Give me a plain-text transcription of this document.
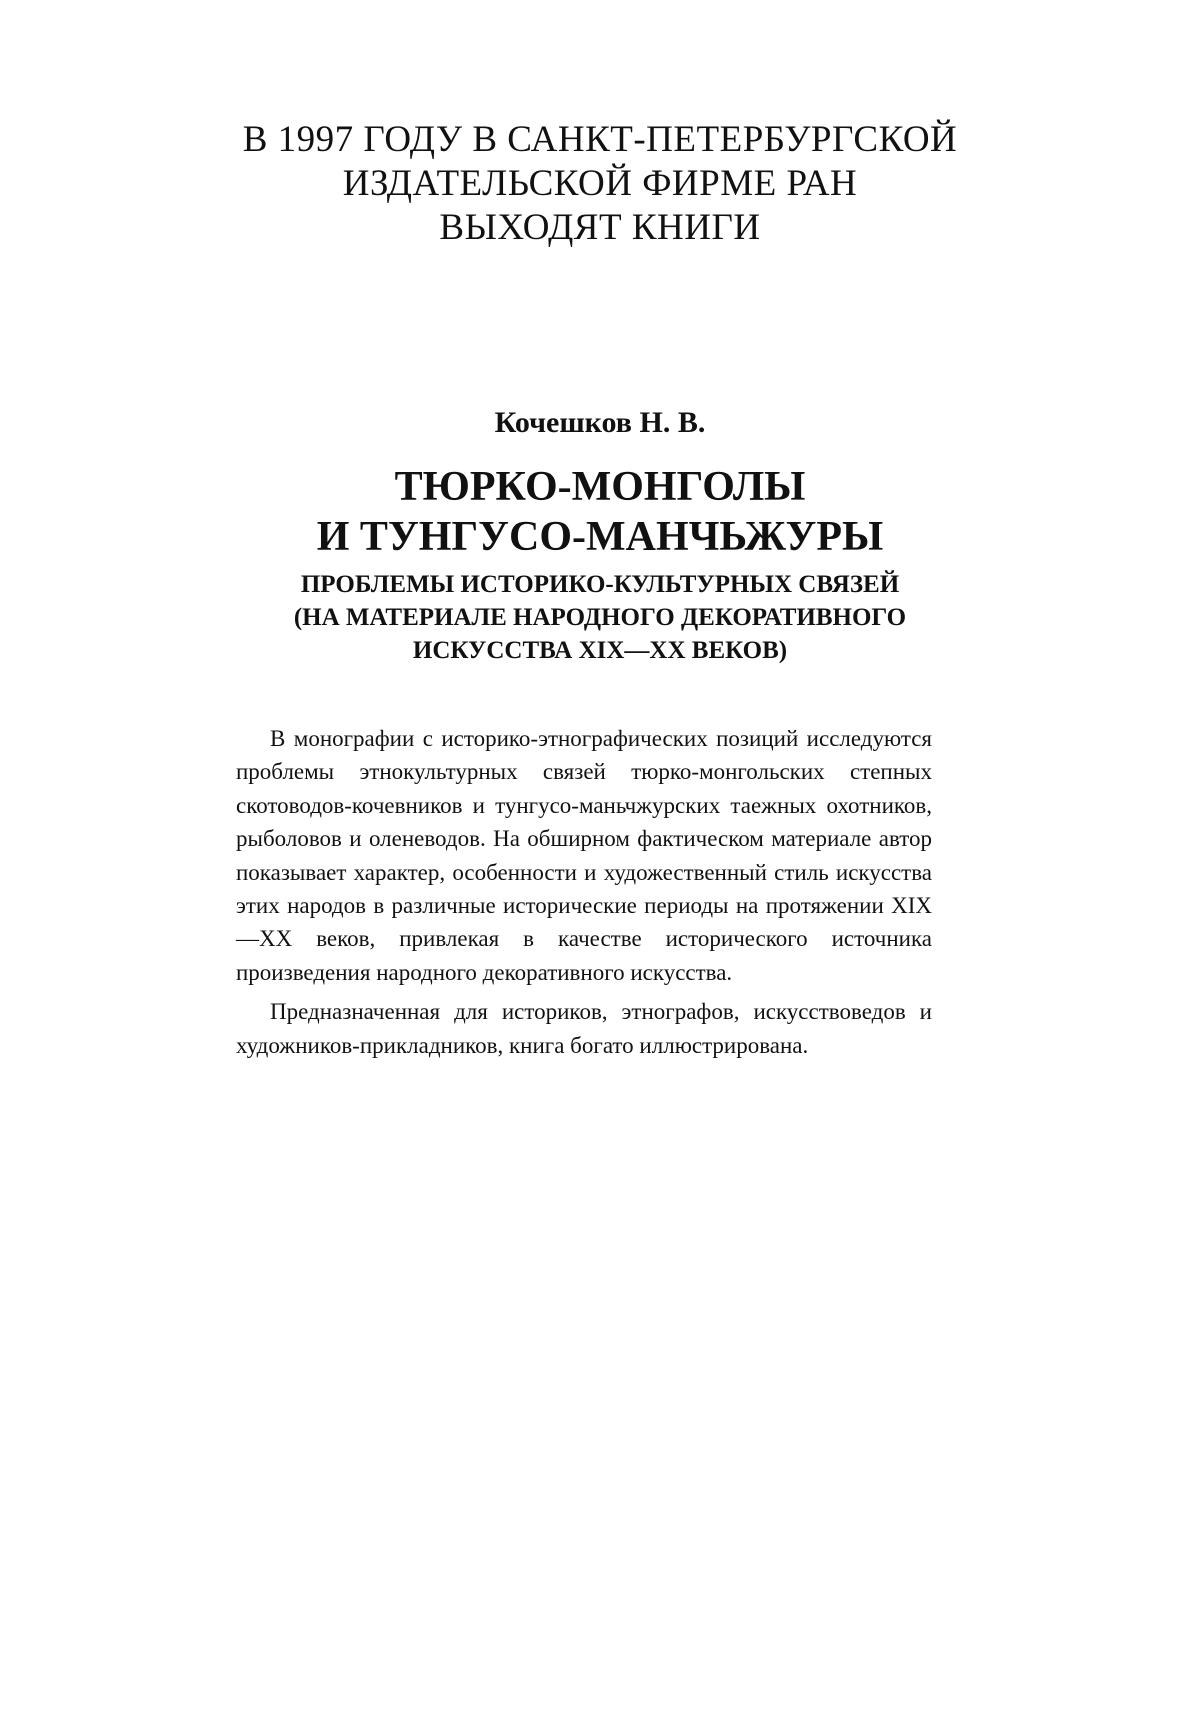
В 1997 ГОДУ В САНКТ-ПЕТЕРБУРГСКОЙ
ИЗДАТЕЛЬСКОЙ ФИРМЕ РАН
ВЫХОДЯТ КНИГИ
Кочешков Н. В.
ТЮРКО-МОНГОЛЫ
И ТУНГУСО-МАНЧЬЖУРЫ
ПРОБЛЕМЫ ИСТОРИКО-КУЛЬТУРНЫХ СВЯЗЕЙ
(НА МАТЕРИАЛЕ НАРОДНОГО ДЕКОРАТИВНОГО
ИСКУССТВА XIX—XX ВЕКОВ)

В монографии с историко-этнографических позиций исследуются проблемы этнокультурных связей тюрко-монгольских степных скотоводов-кочевников и тунгусо-маньчжурских таежных охотников, рыболовов и оленеводов. На обширном фактическом материале автор показывает характер, особенности и художественный стиль искусства этих народов в различные исторические периоды на протяжении XIX—XX веков, привлекая в качестве исторического источника произведения народного декоративного искусства.

Предназначенная для историков, этнографов, искусствоведов и художников-прикладников, книга богато иллюстрирована.
